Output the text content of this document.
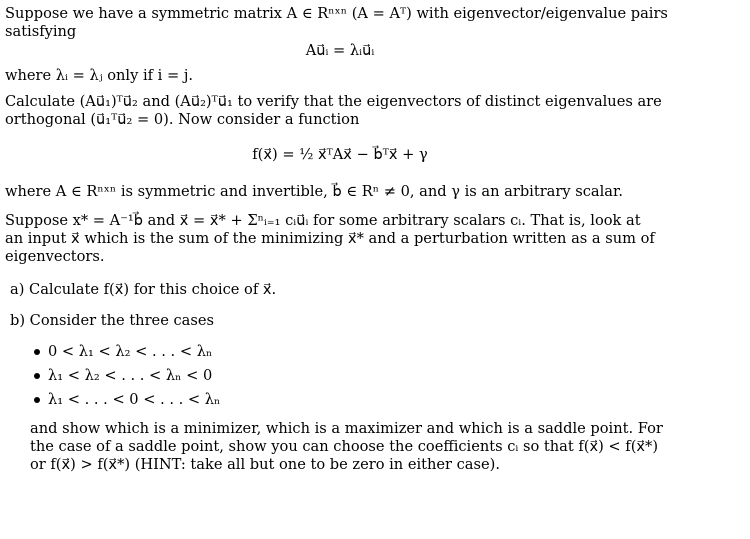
Suppose we have a symmetric matrix A ∈ Rⁿˣⁿ (A = Aᵀ) with eigenvector/eigenvalue pairs
satisfying

Au⃗ᵢ = λᵢu⃗ᵢ

where λᵢ = λⱼ only if i = j.

Calculate (Au⃗₁)ᵀu⃗₂ and (Au⃗₂)ᵀu⃗₁ to verify that the eigenvectors of distinct eigenvalues are
orthogonal (u⃗₁ᵀu⃗₂ = 0). Now consider a function

f(x⃗) = ½ x⃗ᵀAx⃗ − b⃗ᵀx⃗ + γ

where A ∈ Rⁿˣⁿ is symmetric and invertible, b⃗ ∈ Rⁿ ≠ 0, and γ is an arbitrary scalar.

Suppose x* = A⁻¹b⃗ and x⃗ = x⃗* + Σⁿᵢ₌₁ cᵢu⃗ᵢ for some arbitrary scalars cᵢ. That is, look at
an input x⃗ which is the sum of the minimizing x⃗* and a perturbation written as a sum of
eigenvectors.

a) Calculate f(x⃗) for this choice of x⃗.

b) Consider the three cases

0 < λ₁ < λ₂ < . . . < λₙ

λ₁ < λ₂ < . . . < λₙ < 0

λ₁ < . . . < 0 < . . . < λₙ

and show which is a minimizer, which is a maximizer and which is a saddle point. For
the case of a saddle point, show you can choose the coefficients cᵢ so that f(x⃗) < f(x⃗*)
or f(x⃗) > f(x⃗*) (HINT: take all but one to be zero in either case).
